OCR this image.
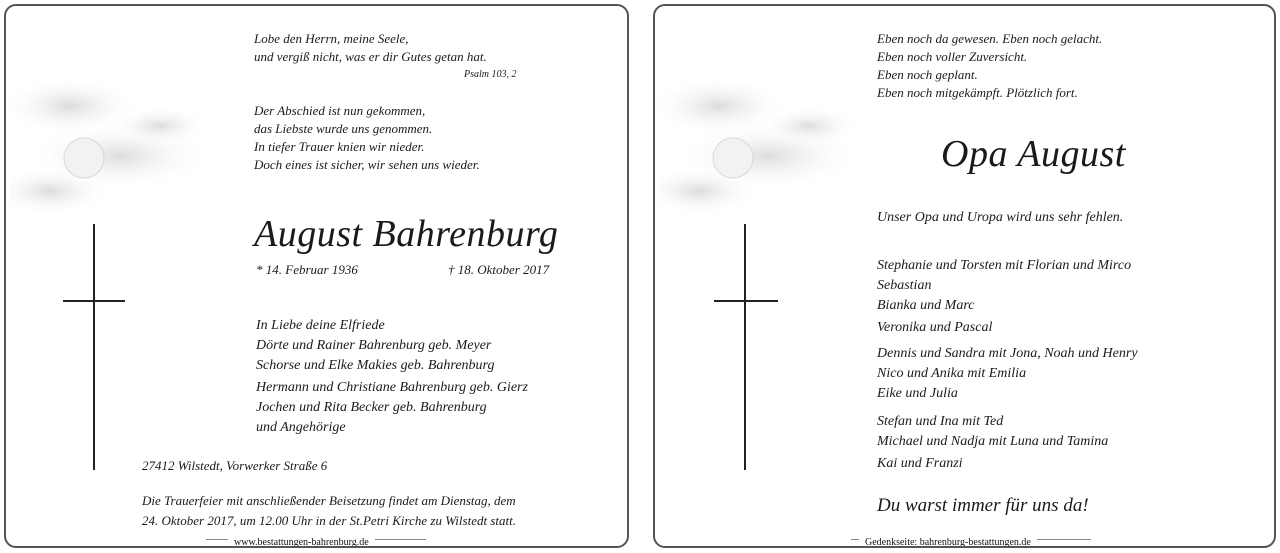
Lobe den Herrn, meine Seele,
und vergiß nicht, was er dir Gutes getan hat.
Psalm 103, 2
Der Abschied ist nun gekommen,
das Liebste wurde uns genommen.
In tiefer Trauer knien wir nieder.
Doch eines ist sicher, wir sehen uns wieder.
August Bahrenburg
* 14. Februar 1936	† 18. Oktober 2017
In Liebe deine Elfriede
Dörte und Rainer Bahrenburg geb. Meyer
Schorse und Elke Makies geb. Bahrenburg
Hermann und Christiane Bahrenburg geb. Gierz
Jochen und Rita Becker geb. Bahrenburg
und Angehörige
27412 Wilstedt, Vorwerker Straße 6
Die Trauerfeier mit anschließender Beisetzung findet am Dienstag, dem
24. Oktober 2017, um 12.00 Uhr in der St.Petri Kirche zu Wilstedt statt.
www.bestattungen-bahrenburg.de
Eben noch da gewesen. Eben noch gelacht.
Eben noch voller Zuversicht.
Eben noch geplant.
Eben noch mitgekämpft. Plötzlich fort.
Opa August
Unser Opa und Uropa wird uns sehr fehlen.
Stephanie und Torsten mit Florian und Mirco
Sebastian
Bianka und Marc
Veronika und Pascal
Dennis und Sandra mit Jona, Noah und Henry
Nico und Anika mit Emilia
Eike und Julia
Stefan und Ina mit Ted
Michael und Nadja mit Luna und Tamina
Kai und Franzi
Du warst immer für uns da!
Gedenkseite: bahrenburg-bestattungen.de
